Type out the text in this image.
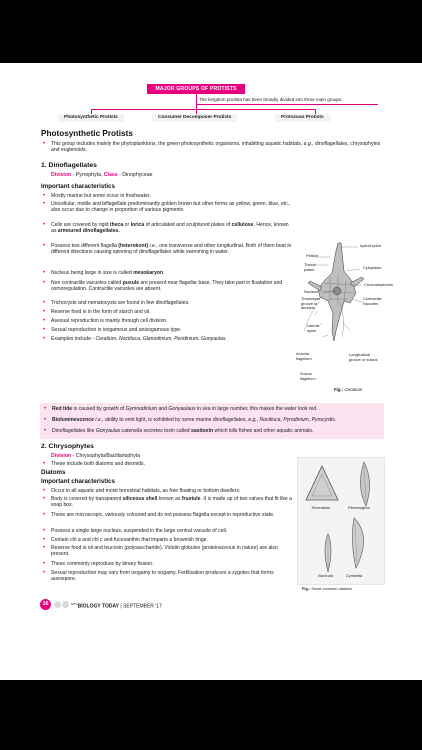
MAJOR GROUPS OF PROTISTS
The kingdom protista has been broadly divided into three main groups.
Photosynthetic Protists	Consumer Decomposer Protists	Protozoan Protists
Photosynthetic Protists
• This group includes mainly the phytoplanktons, the green photosynthetic organisms, inhabiting aquatic habitats, e.g., dinoflagellates, chrysophytes and euglenoids.
1. Dinoflagellates
Division - Pyrrophyta, Class - Dinophyceae
Important characteristics
• Mostly marine but some occur in freshwater.
• Unicellular, motile and biflagellate predominantly golden brown but other forms as yellow, green, blue, etc., also occur due to change in proportion of various pigments.
• Cells are covered by rigid theca or lorica of articulated and sculptured plates of cellulose. Hence, known as armoured dinoflagellates.
• Possess two different flagella (heterokont) i.e., one transverse and other longitudinal. Both of them beat in different directions causing spinning of dinoflagellates while swimming in water.
• Nucleus being large in size is called mesokaryon.
• Non contractile vacuoles called pusule are present near flagellar base. They take part in floatation and osmoregulation. Contractile vacuoles are absent.
• Trichocysts and nematocysts are found in few dinoflagellates.
• Reserve food is in the form of starch and oil.
• Asexual reproduction is mainly through cell division.
• Sexual reproduction is isogamous and anisogamous type.
• Examples include - Ceratium, Noctiluca, Glenodinium, Peridinium, Gonyaulax.
Apical spine
Pellicle
Thecal plates	Cytoplasm
Chromatophores
Nucleus
Transverse groove or annulus
Contractile vacuoles
Lateral spine
Annular flagellum
Longitudinal groove or sulcus
Sulcus flagellum
Fig.: Ceratium
• Red tide is caused by growth of Gymnodinium and Gonyaulaux in sea in large number, this makes the water look red.
• Bioluminescence i.e., ability to emit light, is exhibited by some marine dinoflagellates, e.g., Noctiluca, Pyrodinium, Pyrocystis.
• Dinoflagellates like Gonyaulax catenella secretes toxin called saxitoxin which kills fishes and other aquatic animals.
2. Chrysophytes
Division - Chrysophyta/Bacillariophyta
• These include both diatoms and desmids.
Diatoms
Important characteristics
• Occur in all aquatic and moist terrestrial habitats, as free floating or bottom dwellers.
• Body is covered by transparent siliceous shell known as frustule. It is made up of two valves that fit like a soap box.
• These are microscopic, variously coloured and do not possess flagella except in reproductive state.
• Possess a single large nucleus, suspended in the large central vacuole of cell.
• Contain chl a and chl c and fucoxanthin that imparts a brownish tinge.
• Reserve food is oil and leucosin (polysaccharide). Volutin globules (proteinaceous in nature) are also present.
• These commonly reproduce by binary fission.
• Sexual reproduction may vary from isogamy to oogamy. Fertilisation produces a zygotes that forms auxospore.
Triceratium	Pleurosigma
Navicula	Cymbella
Fig.: Some common diatoms
16	$^{MTG}$BIOLOGY TODAY | SEPTEMBER '17
